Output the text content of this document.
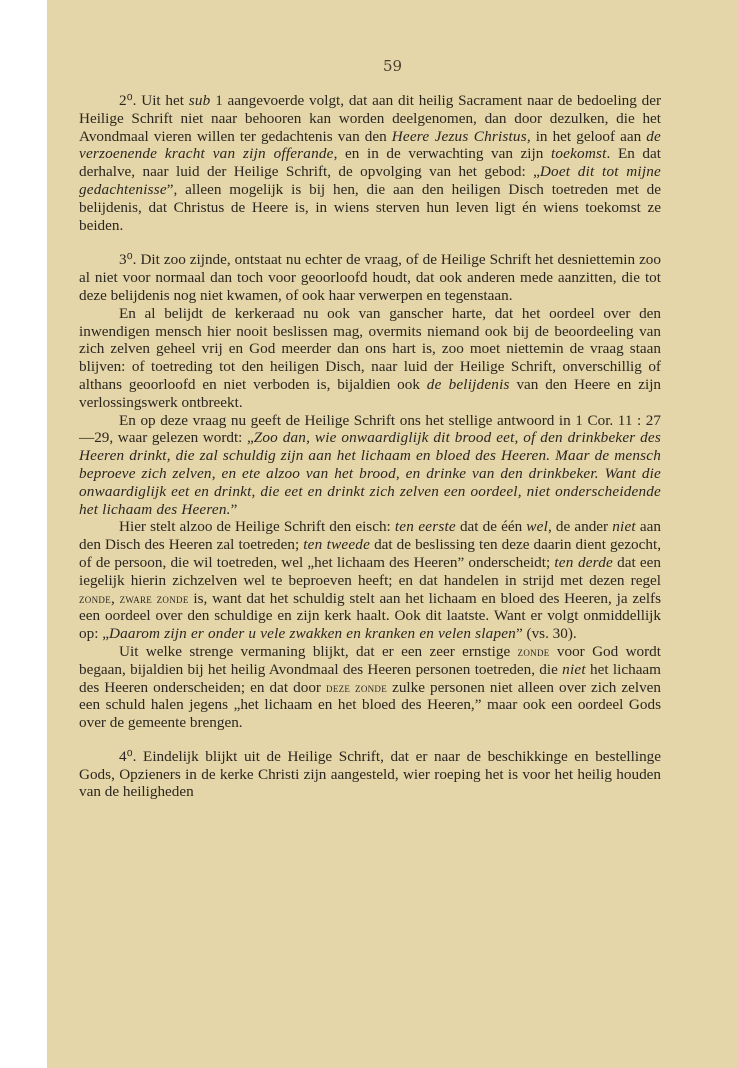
59

2⁰. Uit het sub 1 aangevoerde volgt, dat aan dit heilig Sacrament naar de bedoeling der Heilige Schrift niet naar behooren kan worden deelgenomen, dan door dezulken, die het Avondmaal vieren willen ter gedachtenis van den Heere Jezus Christus, in het geloof aan de verzoenende kracht van zijn offerande, en in de verwachting van zijn toekomst. En dat derhalve, naar luid der Heilige Schrift, de opvolging van het gebod: „Doet dit tot mijne gedachtenisse”, alleen mogelijk is bij hen, die aan den heiligen Disch toetreden met de belijdenis, dat Christus de Heere is, in wiens sterven hun leven ligt én wiens toekomst ze beiden.

3⁰. Dit zoo zijnde, ontstaat nu echter de vraag, of de Heilige Schrift het desniettemin zoo al niet voor normaal dan toch voor geoorloofd houdt, dat ook anderen mede aanzitten, die tot deze belijdenis nog niet kwamen, of ook haar verwerpen en tegenstaan.

En al belijdt de kerkeraad nu ook van ganscher harte, dat het oordeel over den inwendigen mensch hier nooit beslissen mag, overmits niemand ook bij de beoordeeling van zich zelven geheel vrij en God meerder dan ons hart is, zoo moet niettemin de vraag staan blijven: of toetreding tot den heiligen Disch, naar luid der Heilige Schrift, onverschillig of althans geoorloofd en niet verboden is, bijaldien ook de belijdenis van den Heere en zijn verlossingswerk ontbreekt.

En op deze vraag nu geeft de Heilige Schrift ons het stellige antwoord in 1 Cor. 11 : 27—29, waar gelezen wordt: „Zoo dan, wie onwaardiglijk dit brood eet, of den drinkbeker des Heeren drinkt, die zal schuldig zijn aan het lichaam en bloed des Heeren. Maar de mensch beproeve zich zelven, en ete alzoo van het brood, en drinke van den drinkbeker. Want die onwaardiglijk eet en drinkt, die eet en drinkt zich zelven een oordeel, niet onderscheidende het lichaam des Heeren.”

Hier stelt alzoo de Heilige Schrift den eisch: ten eerste dat de één wel, de ander niet aan den Disch des Heeren zal toetreden; ten tweede dat de beslissing ten deze daarin dient gezocht, of de persoon, die wil toetreden, wel „het lichaam des Heeren” onderscheidt; ten derde dat een iegelijk hierin zichzelven wel te beproeven heeft; en dat handelen in strijd met dezen regel zonde, zware zonde is, want dat het schuldig stelt aan het lichaam en bloed des Heeren, ja zelfs een oordeel over den schuldige en zijn kerk haalt. Ook dit laatste. Want er volgt onmiddellijk op: „Daarom zijn er onder u vele zwakken en kranken en velen slapen” (vs. 30).

Uit welke strenge vermaning blijkt, dat er een zeer ernstige zonde voor God wordt begaan, bijaldien bij het heilig Avondmaal des Heeren personen toetreden, die niet het lichaam des Heeren onderscheiden; en dat door deze zonde zulke personen niet alleen over zich zelven een schuld halen jegens „het lichaam en het bloed des Heeren,” maar ook een oordeel Gods over de gemeente brengen.

4⁰. Eindelijk blijkt uit de Heilige Schrift, dat er naar de beschikkinge en bestellinge Gods, Opzieners in de kerke Christi zijn aangesteld, wier roeping het is voor het heilig houden van de heiligheden
